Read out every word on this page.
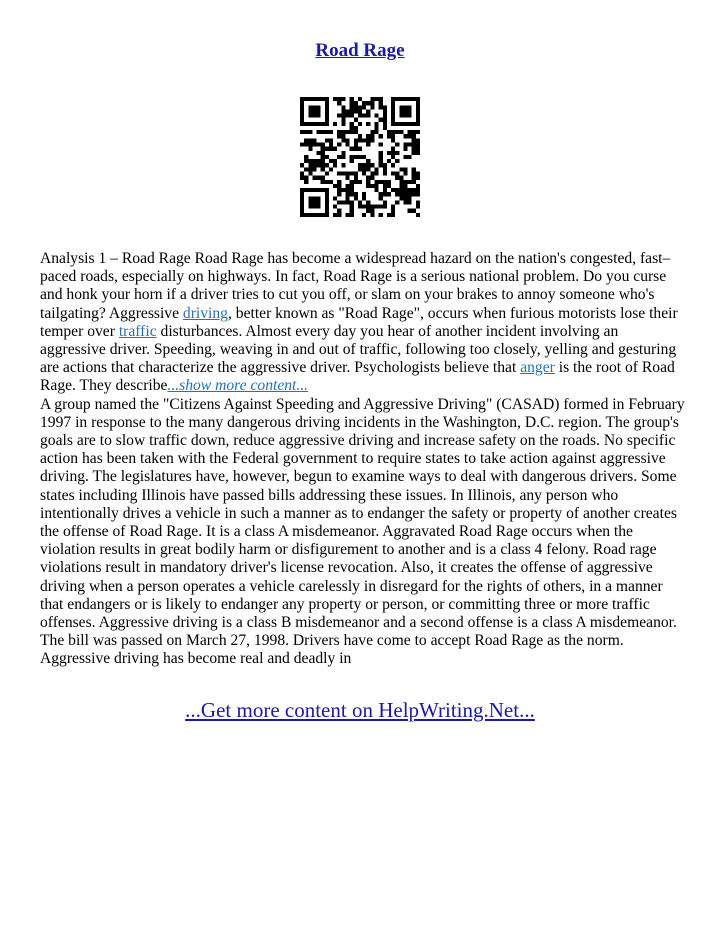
Road Rage

Analysis 1 – Road Rage Road Rage has become a widespread hazard on the nation's congested, fast–paced roads, especially on highways. In fact, Road Rage is a serious national problem. Do you curse and honk your horn if a driver tries to cut you off, or slam on your brakes to annoy someone who's tailgating? Aggressive driving, better known as "Road Rage", occurs when furious motorists lose their temper over traffic disturbances. Almost every day you hear of another incident involving an aggressive driver. Speeding, weaving in and out of traffic, following too closely, yelling and gesturing are actions that characterize the aggressive driver. Psychologists believe that anger is the root of Road Rage. They describe...show more content...

A group named the "Citizens Against Speeding and Aggressive Driving" (CASAD) formed in February 1997 in response to the many dangerous driving incidents in the Washington, D.C. region. The group's goals are to slow traffic down, reduce aggressive driving and increase safety on the roads. No specific action has been taken with the Federal government to require states to take action against aggressive driving. The legislatures have, however, begun to examine ways to deal with dangerous drivers. Some states including Illinois have passed bills addressing these issues. In Illinois, any person who intentionally drives a vehicle in such a manner as to endanger the safety or property of another creates the offense of Road Rage. It is a class A misdemeanor. Aggravated Road Rage occurs when the violation results in great bodily harm or disfigurement to another and is a class 4 felony. Road rage violations result in mandatory driver's license revocation. Also, it creates the offense of aggressive driving when a person operates a vehicle carelessly in disregard for the rights of others, in a manner that endangers or is likely to endanger any property or person, or committing three or more traffic offenses. Aggressive driving is a class B misdemeanor and a second offense is a class A misdemeanor. The bill was passed on March 27, 1998. Drivers have come to accept Road Rage as the norm. Aggressive driving has become real and deadly in

...Get more content on HelpWriting.Net...
